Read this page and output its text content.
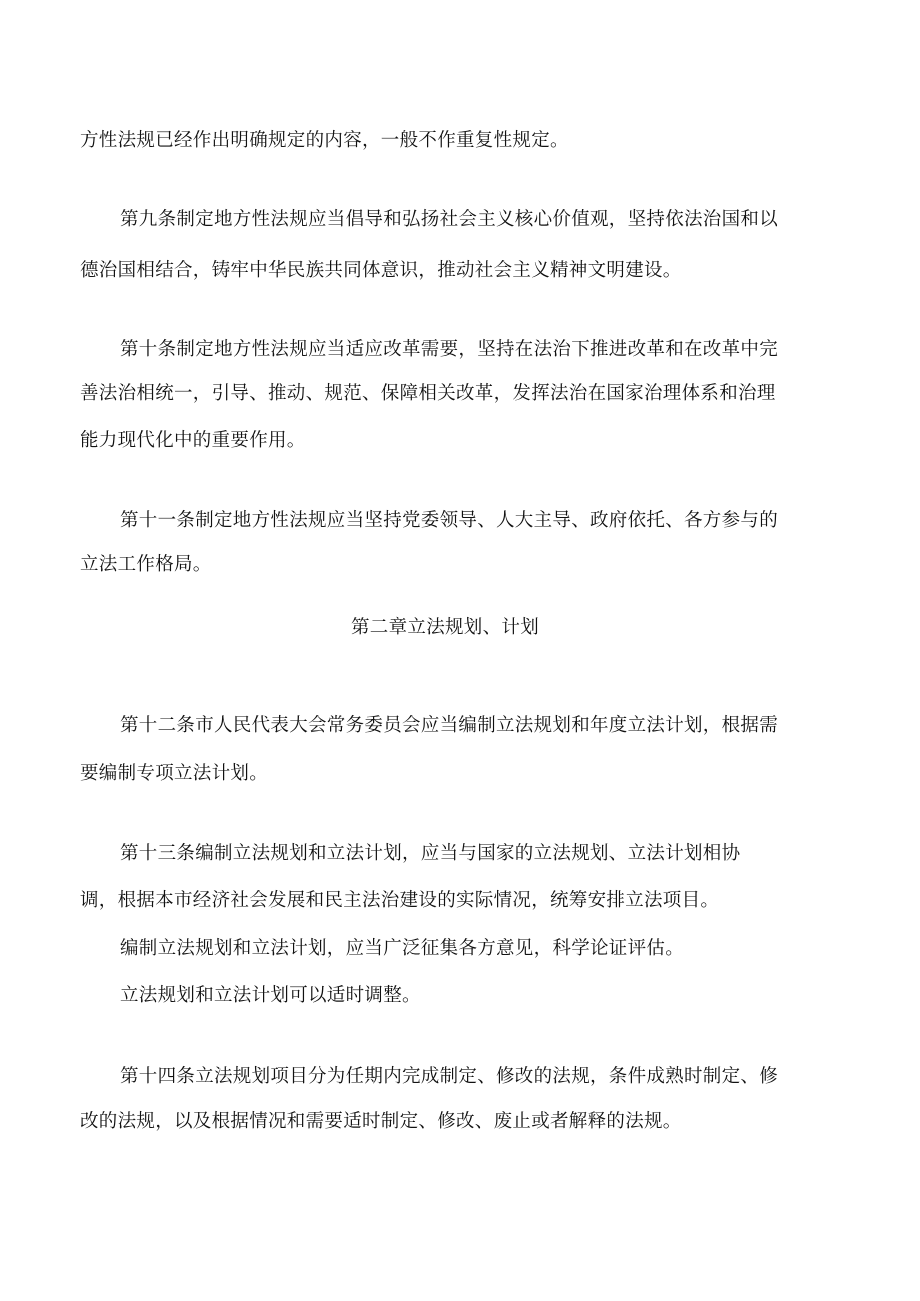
方性法规已经作出明确规定的内容，一般不作重复性规定。

第九条制定地方性法规应当倡导和弘扬社会主义核心价值观，坚持依法治国和以

德治国相结合，铸牢中华民族共同体意识，推动社会主义精神文明建设。

第十条制定地方性法规应当适应改革需要，坚持在法治下推进改革和在改革中完

善法治相统一，引导、推动、规范、保障相关改革，发挥法治在国家治理体系和治理

能力现代化中的重要作用。

第十一条制定地方性法规应当坚持党委领导、人大主导、政府依托、各方参与的

立法工作格局。

第二章立法规划、计划

第十二条市人民代表大会常务委员会应当编制立法规划和年度立法计划，根据需

要编制专项立法计划。

第十三条编制立法规划和立法计划，应当与国家的立法规划、立法计划相协

调，根据本市经济社会发展和民主法治建设的实际情况，统筹安排立法项目。

编制立法规划和立法计划，应当广泛征集各方意见，科学论证评估。

立法规划和立法计划可以适时调整。

第十四条立法规划项目分为任期内完成制定、修改的法规，条件成熟时制定、修

改的法规，以及根据情况和需要适时制定、修改、废止或者解释的法规。
